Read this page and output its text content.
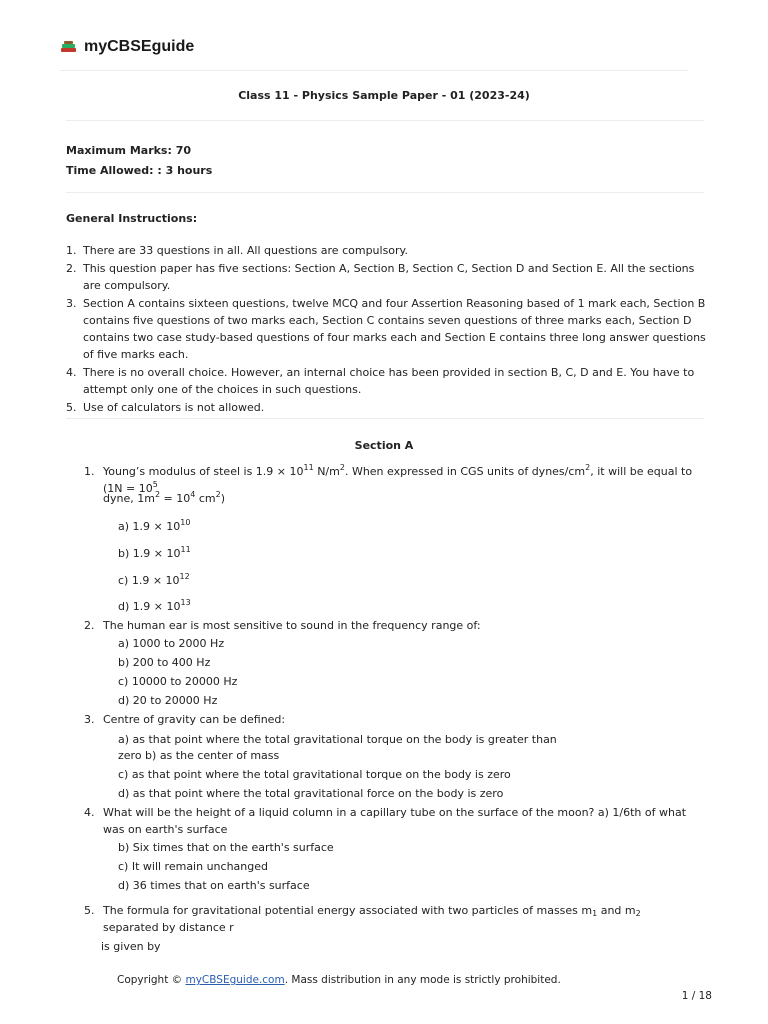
myCBSEguide
Class 11 - Physics Sample Paper - 01 (2023-24)
Maximum Marks: 70
Time Allowed: : 3 hours
General Instructions:
1. There are 33 questions in all. All questions are compulsory.
2. This question paper has five sections: Section A, Section B, Section C, Section D and Section E. All the sections are compulsory.
3. Section A contains sixteen questions, twelve MCQ and four Assertion Reasoning based of 1 mark each, Section B contains five questions of two marks each, Section C contains seven questions of three marks each, Section D contains two case study-based questions of four marks each and Section E contains three long answer questions of five marks each.
4. There is no overall choice. However, an internal choice has been provided in section B, C, D and E. You have to attempt only one of the choices in such questions.
5. Use of calculators is not allowed.
Section A
1. Young’s modulus of steel is $1.9 \times 10^{11}$ $N/m^2$. When expressed in CGS units of dynes/$cm^2$, it will be equal to ($1N = 10^5$
dyne, $1m^2 = 10^4$ $cm^2$)
a) $1.9 \times 10^{10}$
b) $1.9 \times 10^{11}$
c) $1.9 \times 10^{12}$
d) $1.9 \times 10^{13}$
2. The human ear is most sensitive to sound in the frequency range of:
a) 1000 to 2000 Hz
b) 200 to 400 Hz
c) 10000 to 20000 Hz
d) 20 to 20000 Hz
3. Centre of gravity can be defined:
a) as that point where the total gravitational torque on the body is greater than
zero b) as the center of mass
c) as that point where the total gravitational torque on the body is zero
d) as that point where the total gravitational force on the body is zero
4. What will be the height of a liquid column in a capillary tube on the surface of the moon? a) 1/6th of what was on earth's surface
b) Six times that on the earth's surface
c) It will remain unchanged
d) 36 times that on earth's surface
5. The formula for gravitational potential energy associated with two particles of masses $m_1$ and $m_2$ separated by distance r
is given by
Copyright © myCBSEguide.com. Mass distribution in any mode is strictly prohibited.
1 / 18
